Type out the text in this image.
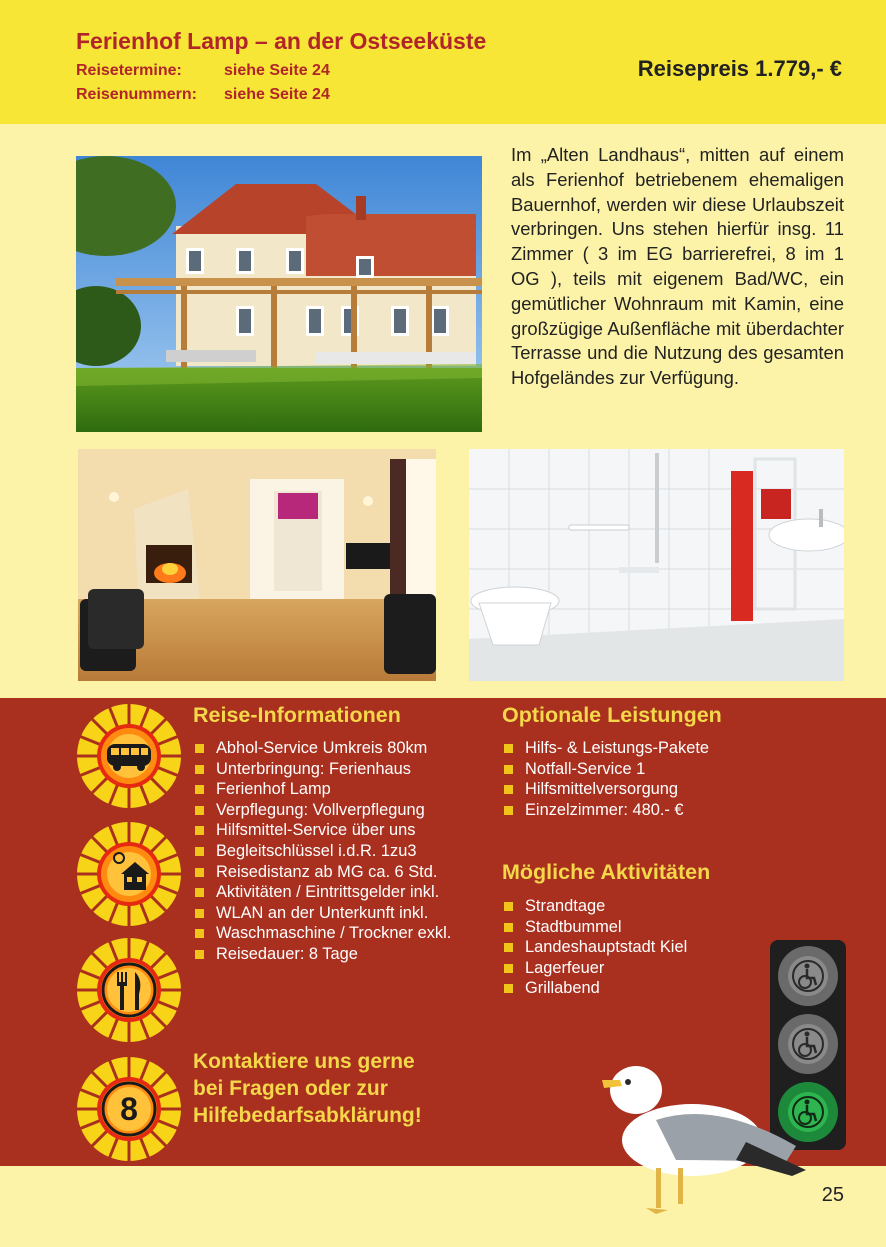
Ferienhof Lamp – an der Ostseeküste
Reisetermine:	siehe Seite 24
Reisenummern: siehe Seite 24
Reisepreis 1.779,- €
Im „Alten Landhaus“, mitten auf einem als Ferienhof betriebenem ehemaligen Bauernhof, werden wir diese Urlaubszeit verbringen. Uns stehen hierfür insg. 11 Zimmer ( 3 im EG barrierefrei, 8 im 1 OG ), teils mit eigenem Bad/WC, ein gemütlicher Wohnraum mit Kamin, eine großzügige Außenfläche mit überdachter Terrasse und die Nutzung des gesamten Hofgeländes zur Verfügung.
8
Reise-Informationen
Abhol-Service Umkreis 80km
Unterbringung: Ferienhaus
Ferienhof Lamp
Verpflegung: Vollverpflegung
Hilfsmittel-Service über uns
Begleitschlüssel i.d.R. 1zu3
Reisedistanz ab MG ca. 6 Std.
Aktivitäten / Eintrittsgelder inkl.
WLAN an der Unterkunft inkl.
Waschmaschine / Trockner exkl.
Reisedauer: 8 Tage
Optionale Leistungen
Hilfs- & Leistungs-Pakete
Notfall-Service 1
Hilfsmittelversorgung
Einzelzimmer: 480.- €
Mögliche Aktivitäten
Strandtage
Stadtbummel
Landeshauptstadt Kiel
Lagerfeuer
Grillabend
Kontaktiere uns gerne
bei Fragen oder zur
Hilfebedarfsabklärung!
25
